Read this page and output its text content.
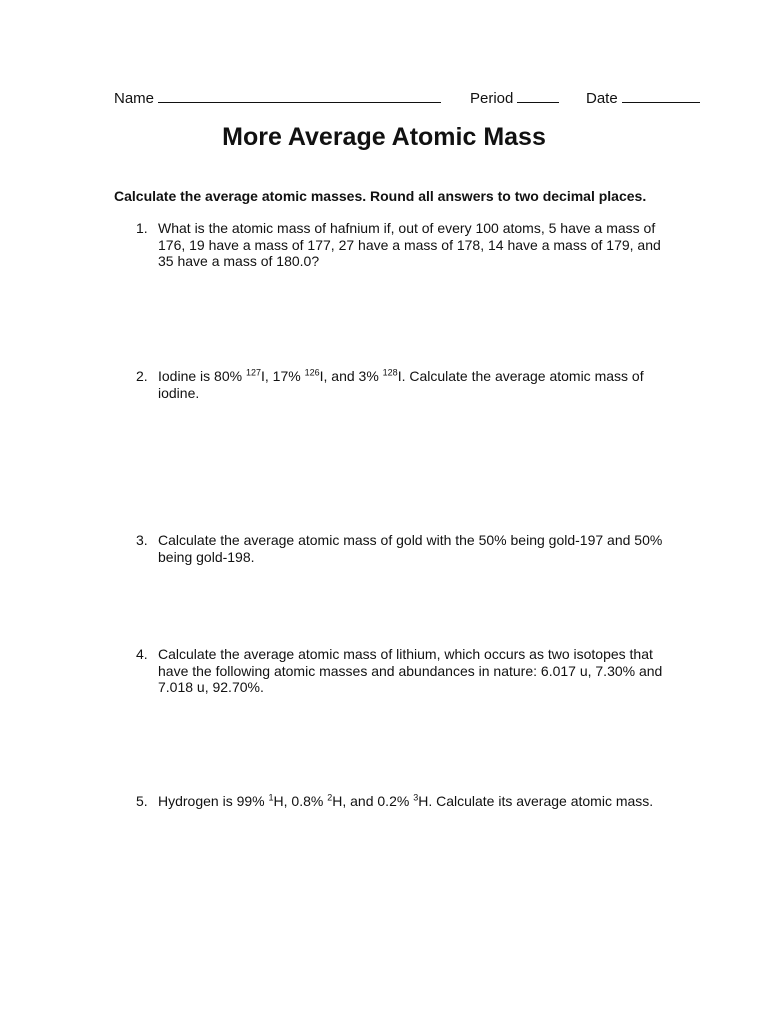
Name	Period	Date
More Average Atomic Mass

Calculate the average atomic masses. Round all answers to two decimal places.

1. What is the atomic mass of hafnium if, out of every 100 atoms, 5 have a mass of 176, 19 have a mass of 177, 27 have a mass of 178, 14 have a mass of 179, and 35 have a mass of 180.0?
2. Iodine is 80% $^{127}$I, 17% $^{126}$I, and 3% $^{128}$I. Calculate the average atomic mass of iodine.
3. Calculate the average atomic mass of gold with the 50% being gold-197 and 50% being gold-198.
4. Calculate the average atomic mass of lithium, which occurs as two isotopes that have the following atomic masses and abundances in nature: 6.017 u, 7.30% and 7.018 u, 92.70%.
5. Hydrogen is 99% $^1$H, 0.8% $^2$H, and 0.2% $^3$H. Calculate its average atomic mass.
